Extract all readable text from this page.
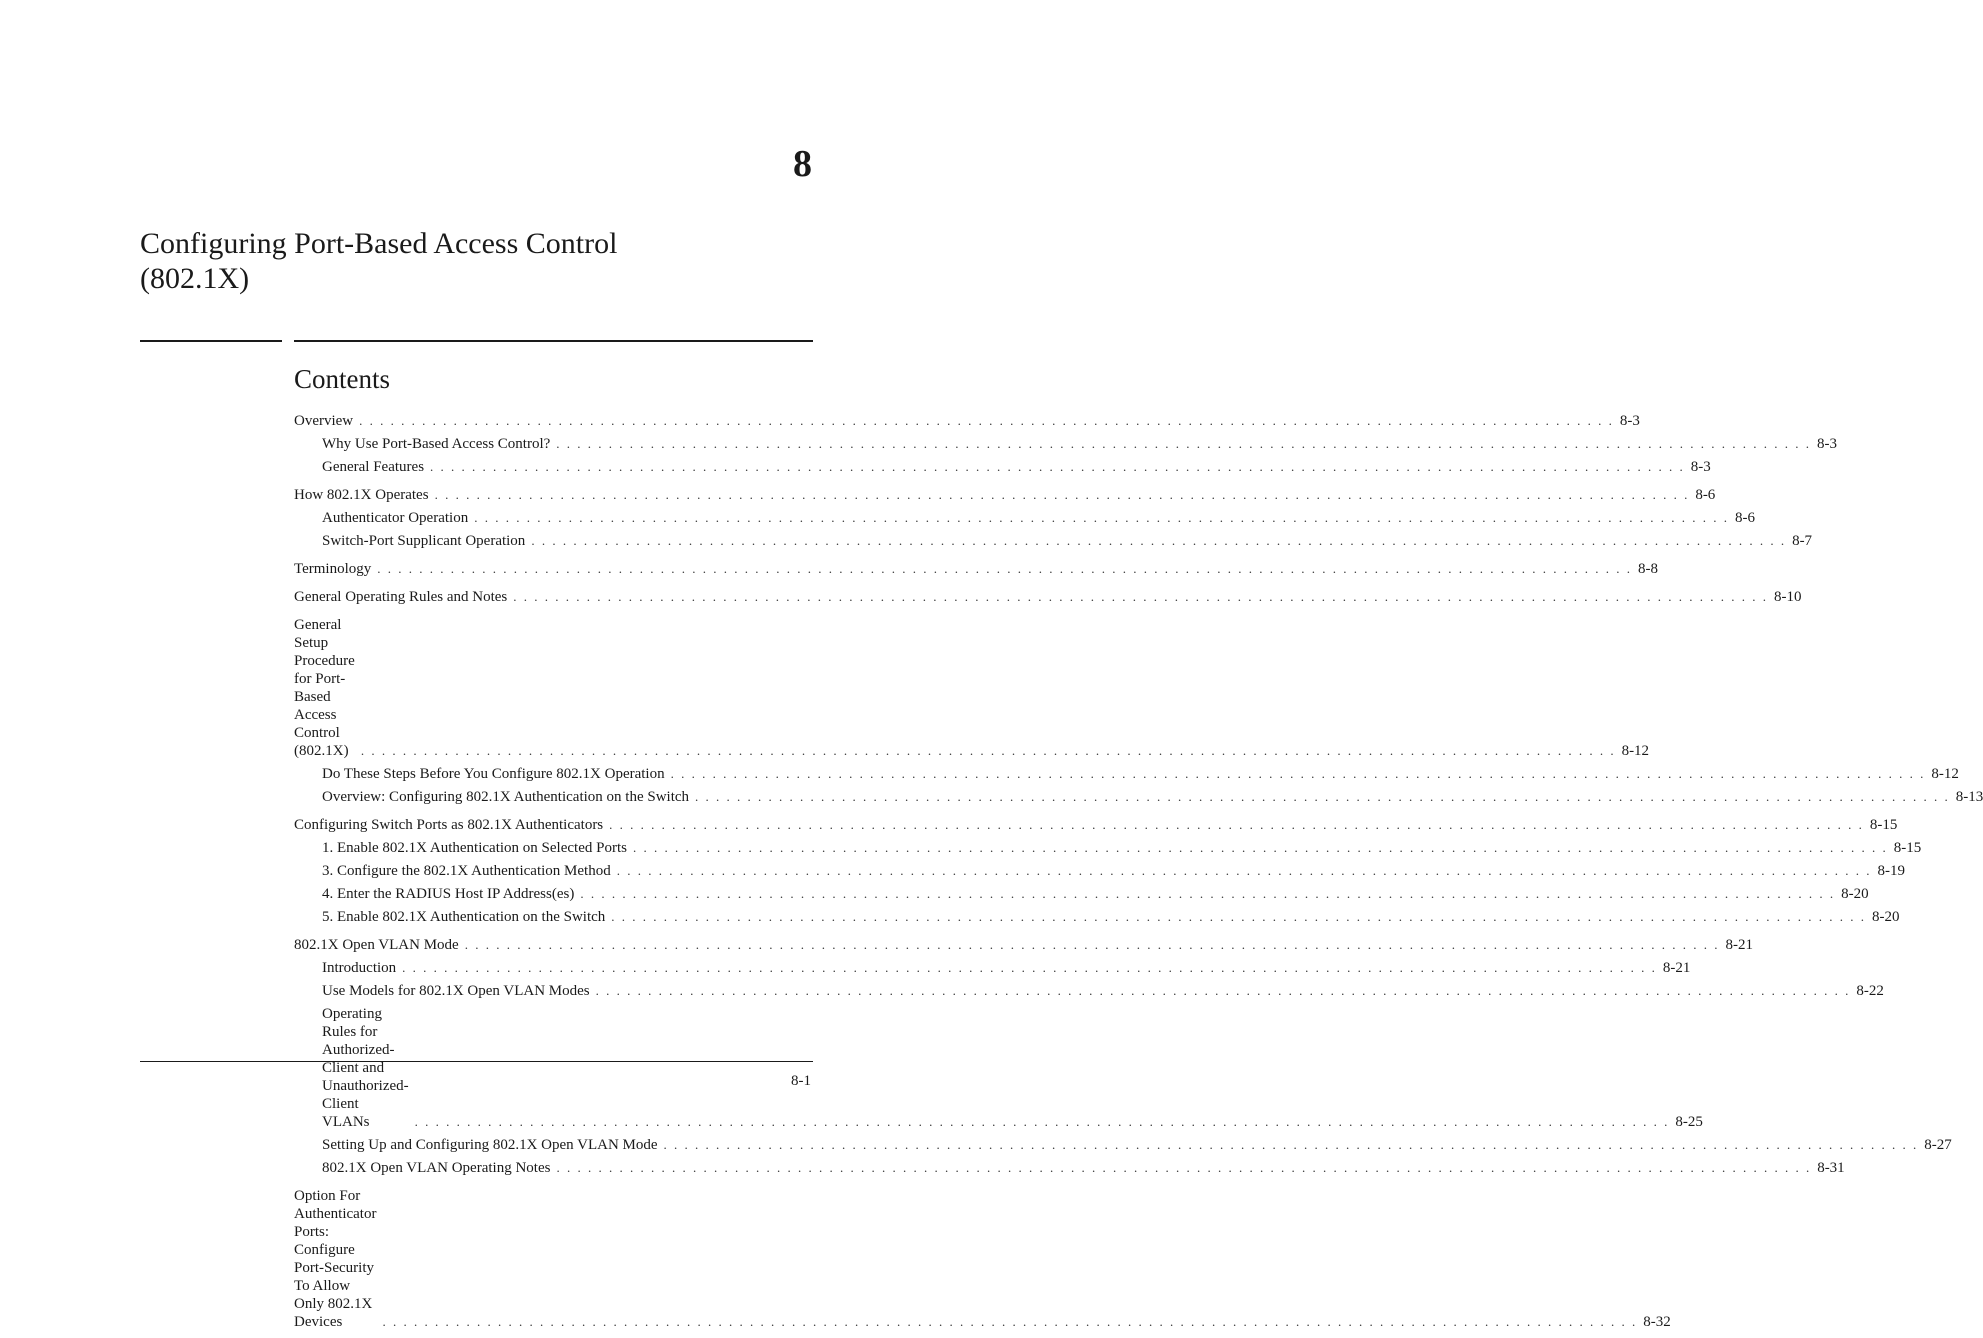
8
Configuring Port-Based Access Control
(802.1X)
Contents
Overview . . . . . . . . . . . . . . . . . . . . . . . . . . . . . . . . . . . . . . . . . . . . . . . . . . . . . . . . . . . . . . . . . . . . . . . . . . . . . . . . . . . . . . . . . . . . . . . . . . . . . . . . . . . . . . . . . . . . . . . . 8-3
Why Use Port-Based Access Control? . . . . . . . . . . . . . . . . . . . . . . . . . . . . . . . . . . . . . . . . . . . . . . . . . . . . . . . . . . . . . . . . . . . . . . . . . . . . . . . . . . . . . . . . . . . . . . . . . . . . . . . . . . . . . . . . . . . . . . . . 8-3
General Features . . . . . . . . . . . . . . . . . . . . . . . . . . . . . . . . . . . . . . . . . . . . . . . . . . . . . . . . . . . . . . . . . . . . . . . . . . . . . . . . . . . . . . . . . . . . . . . . . . . . . . . . . . . . . . . . . . . . . . . . 8-3
How 802.1X Operates . . . . . . . . . . . . . . . . . . . . . . . . . . . . . . . . . . . . . . . . . . . . . . . . . . . . . . . . . . . . . . . . . . . . . . . . . . . . . . . . . . . . . . . . . . . . . . . . . . . . . . . . . . . . . . . . . . . . . . . . 8-6
Authenticator Operation . . . . . . . . . . . . . . . . . . . . . . . . . . . . . . . . . . . . . . . . . . . . . . . . . . . . . . . . . . . . . . . . . . . . . . . . . . . . . . . . . . . . . . . . . . . . . . . . . . . . . . . . . . . . . . . . . . . . . . . . 8-6
Switch-Port Supplicant Operation . . . . . . . . . . . . . . . . . . . . . . . . . . . . . . . . . . . . . . . . . . . . . . . . . . . . . . . . . . . . . . . . . . . . . . . . . . . . . . . . . . . . . . . . . . . . . . . . . . . . . . . . . . . . . . . . . . . . . . . . 8-7
Terminology . . . . . . . . . . . . . . . . . . . . . . . . . . . . . . . . . . . . . . . . . . . . . . . . . . . . . . . . . . . . . . . . . . . . . . . . . . . . . . . . . . . . . . . . . . . . . . . . . . . . . . . . . . . . . . . . . . . . . . . . 8-8
General Operating Rules and Notes . . . . . . . . . . . . . . . . . . . . . . . . . . . . . . . . . . . . . . . . . . . . . . . . . . . . . . . . . . . . . . . . . . . . . . . . . . . . . . . . . . . . . . . . . . . . . . . . . . . . . . . . . . . . . . . . . . . . . . . . 8-10
General Setup Procedure for Port-Based Access Control (802.1X) . . . . . . . . . . . . . . . . . . . . . . . . . . . . . . . . . . . . . . . . . . . . . . . . . . . . . . . . . . . . . . . . . . . . . . . . . . . . . . . . . . . . . . . . . . . . . . . . . . . . . . . . . . . . . . . . . . . . . . . . 8-12
Do These Steps Before You Configure 802.1X Operation . . . . . . . . . . . . . . . . . . . . . . . . . . . . . . . . . . . . . . . . . . . . . . . . . . . . . . . . . . . . . . . . . . . . . . . . . . . . . . . . . . . . . . . . . . . . . . . . . . . . . . . . . . . . . . . . . . . . . . . . 8-12
Overview: Configuring 802.1X Authentication on the Switch . . . . . . . . . . . . . . . . . . . . . . . . . . . . . . . . . . . . . . . . . . . . . . . . . . . . . . . . . . . . . . . . . . . . . . . . . . . . . . . . . . . . . . . . . . . . . . . . . . . . . . . . . . . . . . . . . . . . . . . . 8-13
Configuring Switch Ports as 802.1X Authenticators . . . . . . . . . . . . . . . . . . . . . . . . . . . . . . . . . . . . . . . . . . . . . . . . . . . . . . . . . . . . . . . . . . . . . . . . . . . . . . . . . . . . . . . . . . . . . . . . . . . . . . . . . . . . . . . . . . . . . . . . 8-15
1. Enable 802.1X Authentication on Selected Ports . . . . . . . . . . . . . . . . . . . . . . . . . . . . . . . . . . . . . . . . . . . . . . . . . . . . . . . . . . . . . . . . . . . . . . . . . . . . . . . . . . . . . . . . . . . . . . . . . . . . . . . . . . . . . . . . . . . . . . . . 8-15
3. Configure the 802.1X Authentication Method . . . . . . . . . . . . . . . . . . . . . . . . . . . . . . . . . . . . . . . . . . . . . . . . . . . . . . . . . . . . . . . . . . . . . . . . . . . . . . . . . . . . . . . . . . . . . . . . . . . . . . . . . . . . . . . . . . . . . . . . 8-19
4. Enter the RADIUS Host IP Address(es) . . . . . . . . . . . . . . . . . . . . . . . . . . . . . . . . . . . . . . . . . . . . . . . . . . . . . . . . . . . . . . . . . . . . . . . . . . . . . . . . . . . . . . . . . . . . . . . . . . . . . . . . . . . . . . . . . . . . . . . . 8-20
5. Enable 802.1X Authentication on the Switch . . . . . . . . . . . . . . . . . . . . . . . . . . . . . . . . . . . . . . . . . . . . . . . . . . . . . . . . . . . . . . . . . . . . . . . . . . . . . . . . . . . . . . . . . . . . . . . . . . . . . . . . . . . . . . . . . . . . . . . . 8-20
802.1X Open VLAN Mode . . . . . . . . . . . . . . . . . . . . . . . . . . . . . . . . . . . . . . . . . . . . . . . . . . . . . . . . . . . . . . . . . . . . . . . . . . . . . . . . . . . . . . . . . . . . . . . . . . . . . . . . . . . . . . . . . . . . . . . . 8-21
Introduction . . . . . . . . . . . . . . . . . . . . . . . . . . . . . . . . . . . . . . . . . . . . . . . . . . . . . . . . . . . . . . . . . . . . . . . . . . . . . . . . . . . . . . . . . . . . . . . . . . . . . . . . . . . . . . . . . . . . . . . . 8-21
Use Models for 802.1X Open VLAN Modes . . . . . . . . . . . . . . . . . . . . . . . . . . . . . . . . . . . . . . . . . . . . . . . . . . . . . . . . . . . . . . . . . . . . . . . . . . . . . . . . . . . . . . . . . . . . . . . . . . . . . . . . . . . . . . . . . . . . . . . . 8-22
Operating Rules for Authorized-Client and Unauthorized-Client VLANs	. . . . . . . . . . . . . . . . . . . . . . . . . . . . . . . . . . . . . . . . . . . . . . . . . . . . . . . . . . . . . . . . . . . . . . . . . . . . . . . . . . . . . . . . . . . . . . . . . . . . . . . . . . . . . . . . . . . . . . . . 8-25
Setting Up and Configuring 802.1X Open VLAN Mode . . . . . . . . . . . . . . . . . . . . . . . . . . . . . . . . . . . . . . . . . . . . . . . . . . . . . . . . . . . . . . . . . . . . . . . . . . . . . . . . . . . . . . . . . . . . . . . . . . . . . . . . . . . . . . . . . . . . . . . . 8-27
802.1X Open VLAN Operating Notes . . . . . . . . . . . . . . . . . . . . . . . . . . . . . . . . . . . . . . . . . . . . . . . . . . . . . . . . . . . . . . . . . . . . . . . . . . . . . . . . . . . . . . . . . . . . . . . . . . . . . . . . . . . . . . . . . . . . . . . . 8-31
Option For Authenticator Ports: Configure Port-Security To Allow Only 802.1X Devices	. . . . . . . . . . . . . . . . . . . . . . . . . . . . . . . . . . . . . . . . . . . . . . . . . . . . . . . . . . . . . . . . . . . . . . . . . . . . . . . . . . . . . . . . . . . . . . . . . . . . . . . . . . . . . . . . . . . . . . . . 8-32
8-1
